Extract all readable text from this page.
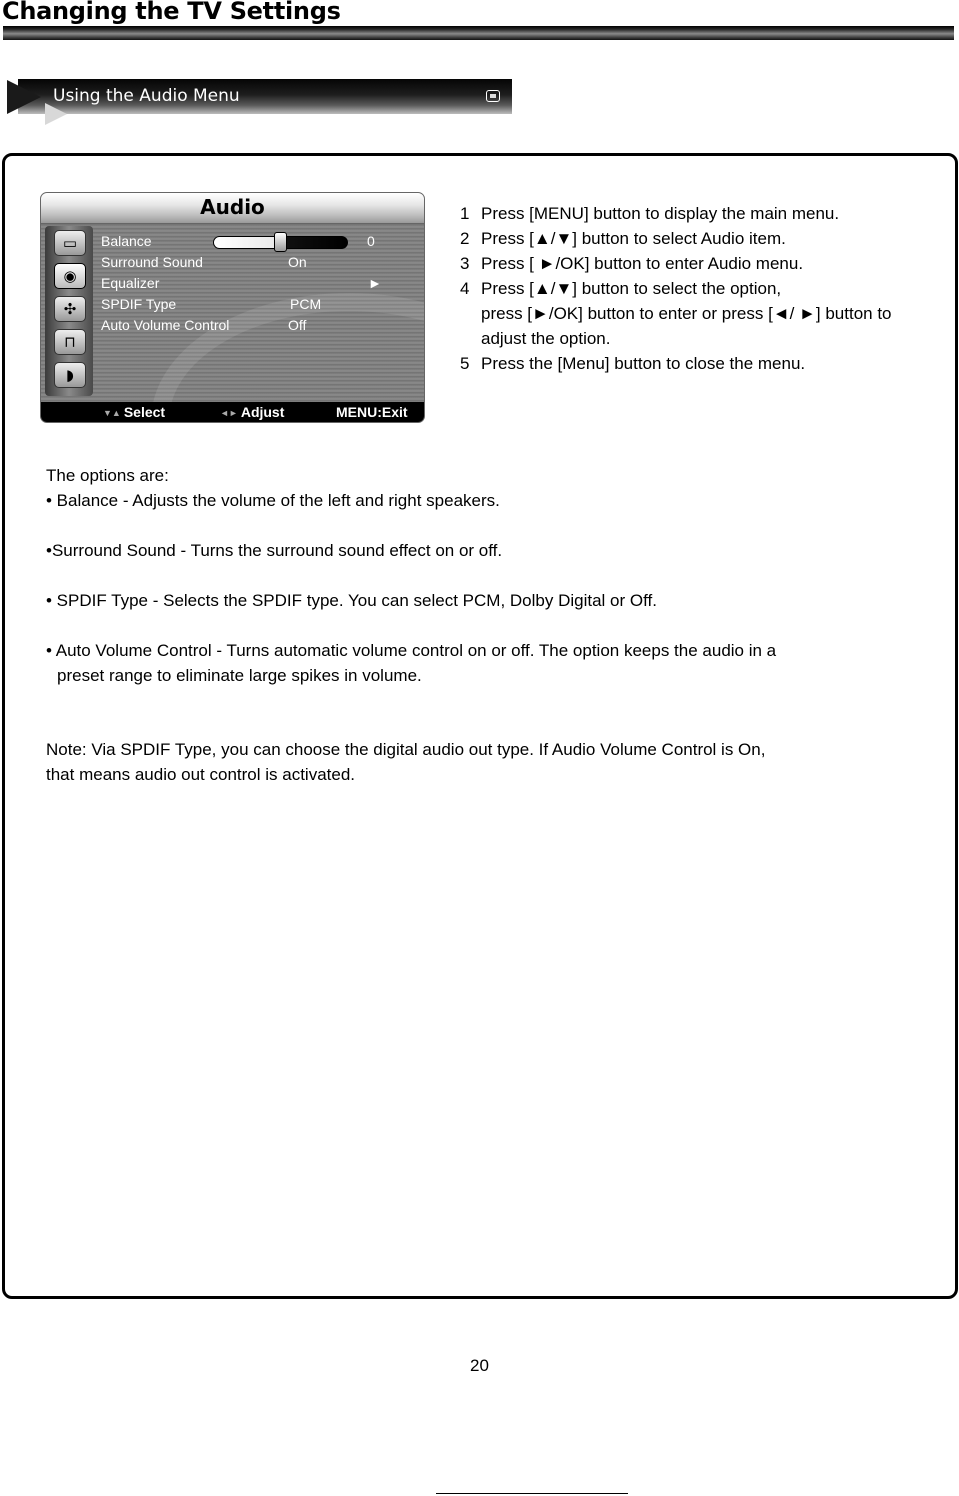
Changing the TV Settings
Using the Audio Menu
Audio
▭
◉
✣
⊓
◗
Balance	0
Surround Sound	On
Equalizer	►
SPDIF Type	PCM
Auto Volume Control	Off
▼▲ Select	◄► Adjust	MENU:Exit
1 Press [MENU] button to display the main menu.
2 Press [▲/▼] button to select Audio item.
3 Press [ ►/OK] button to enter Audio menu.
4 Press [▲/▼] button to select the option,
press [►/OK] button to enter or press [◄/ ►] button to
adjust the option.
5 Press the [Menu] button to close the menu.
The options are:
• Balance - Adjusts the volume of the left and right speakers.
•Surround Sound - Turns the surround sound effect on or off.
• SPDIF Type - Selects the SPDIF type. You can select PCM, Dolby Digital or Off.
• Auto Volume Control - Turns automatic volume control on or off. The option keeps the audio in a
preset range to eliminate large spikes in volume.
Note: Via SPDIF Type, you can choose the digital audio out type. If Audio Volume Control is On,
that means audio out control is activated.
20
